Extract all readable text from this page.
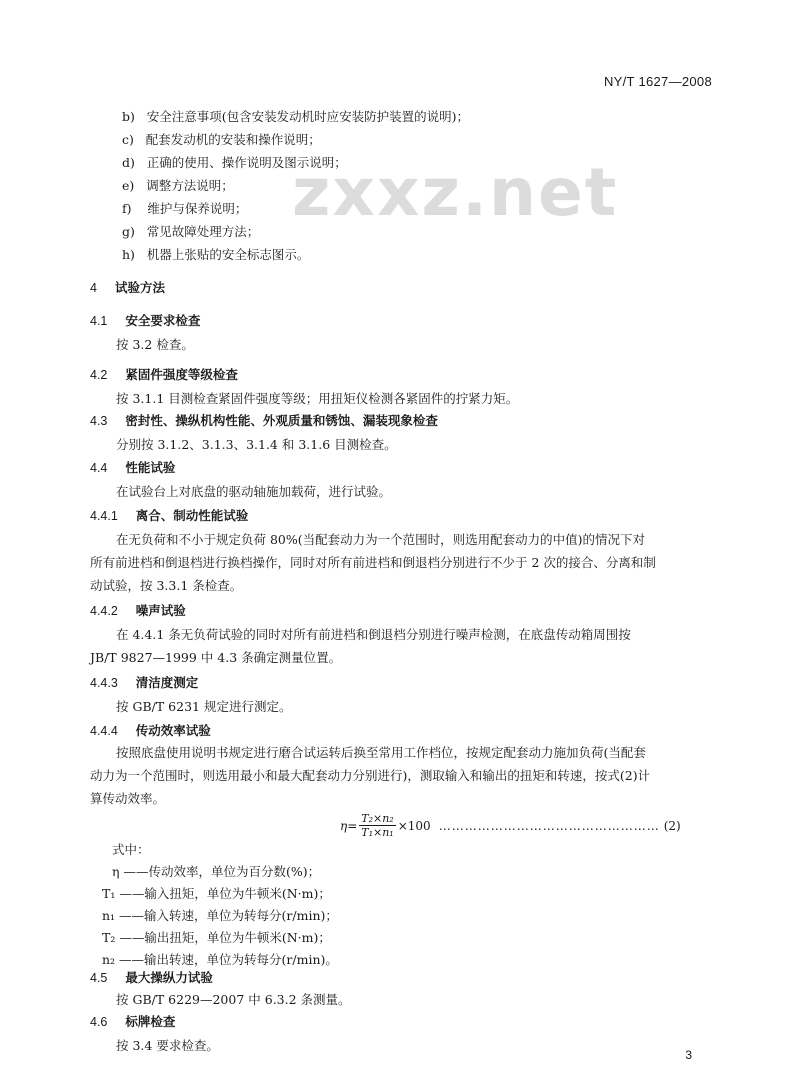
NY/T 1627—2008
zxxz.net
b)   安全注意事项(包含安装发动机时应安装防护装置的说明)；
c)   配套发动机的安装和操作说明；
d)   正确的使用、操作说明及图示说明；
e)   调整方法说明；
f)    维护与保养说明；
g)   常见故障处理方法；
h)   机器上张贴的安全标志图示。
4 试验方法
4.1 安全要求检查
按 3.2 检查。
4.2 紧固件强度等级检查
按 3.1.1 目测检查紧固件强度等级；用扭矩仪检测各紧固件的拧紧力矩。
4.3 密封性、操纵机构性能、外观质量和锈蚀、漏装现象检查
分别按 3.1.2、3.1.3、3.1.4 和 3.1.6 目测检查。
4.4 性能试验
在试验台上对底盘的驱动轴施加载荷，进行试验。
4.4.1 离合、制动性能试验
在无负荷和不小于规定负荷 80%(当配套动力为一个范围时，则选用配套动力的中值)的情况下对
所有前进档和倒退档进行换档操作，同时对所有前进档和倒退档分别进行不少于 2 次的接合、分离和制
动试验，按 3.3.1 条检查。
4.4.2 噪声试验
在 4.4.1 条无负荷试验的同时对所有前进档和倒退档分别进行噪声检测，在底盘传动箱周围按
JB/T 9827—1999 中 4.3 条确定测量位置。
4.4.3 清洁度测定
按 GB/T 6231 规定进行测定。
4.4.4 传动效率试验
按照底盘使用说明书规定进行磨合试运转后换至常用工作档位，按规定配套动力施加负荷(当配套
动力为一个范围时，则选用最小和最大配套动力分别进行)，测取输入和输出的扭矩和转速，按式(2)计
算传动效率。
$\eta= \frac{\text{T₂×n₂}}{\text{T₁×n₁}} \times 100$ …………………………………………… (2)
式中：
η ——传动效率，单位为百分数(%)；
T₁ ——输入扭矩，单位为牛顿米(N·m)；
n₁ ——输入转速，单位为转每分(r/min)；
T₂ ——输出扭矩，单位为牛顿米(N·m)；
n₂ ——输出转速，单位为转每分(r/min)。
4.5 最大操纵力试验
按 GB/T 6229—2007 中 6.3.2 条测量。
4.6 标牌检查
按 3.4 要求检查。
3
